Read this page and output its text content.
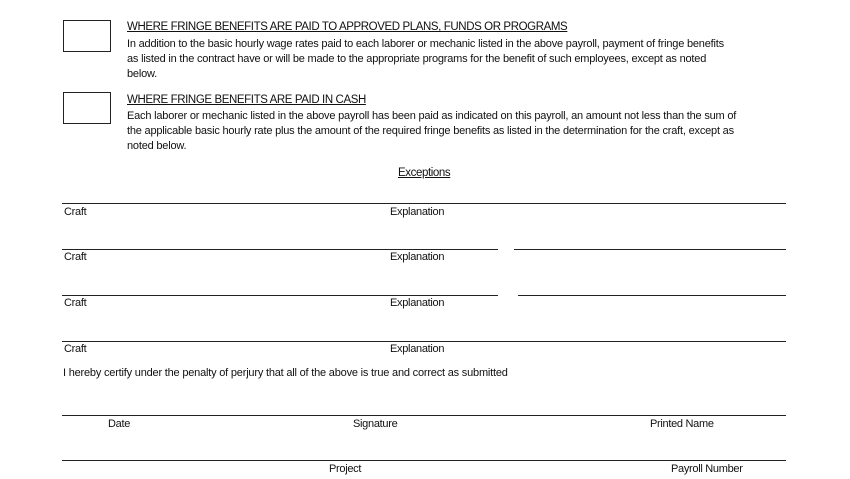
WHERE FRINGE BENEFITS ARE PAID TO APPROVED PLANS, FUNDS OR PROGRAMS
In addition to the basic hourly wage rates paid to each laborer or mechanic listed in the above payroll, payment of fringe benefits as listed in the contract have or will be made to the appropriate programs for the benefit of such employees, except as noted below.
WHERE FRINGE BENEFITS ARE PAID IN CASH
Each laborer or mechanic listed in the above payroll has been paid as indicated on this payroll, an amount not less than the sum of the applicable basic hourly rate plus the amount of the required fringe benefits as listed in the determination for the craft, except as noted below.
Exceptions
Craft	Explanation
Craft	Explanation
Craft	Explanation
Craft	Explanation
I hereby certify under the penalty of perjury that all of the above is true and correct as submitted
Date	Signature	Printed Name
Project	Payroll Number
